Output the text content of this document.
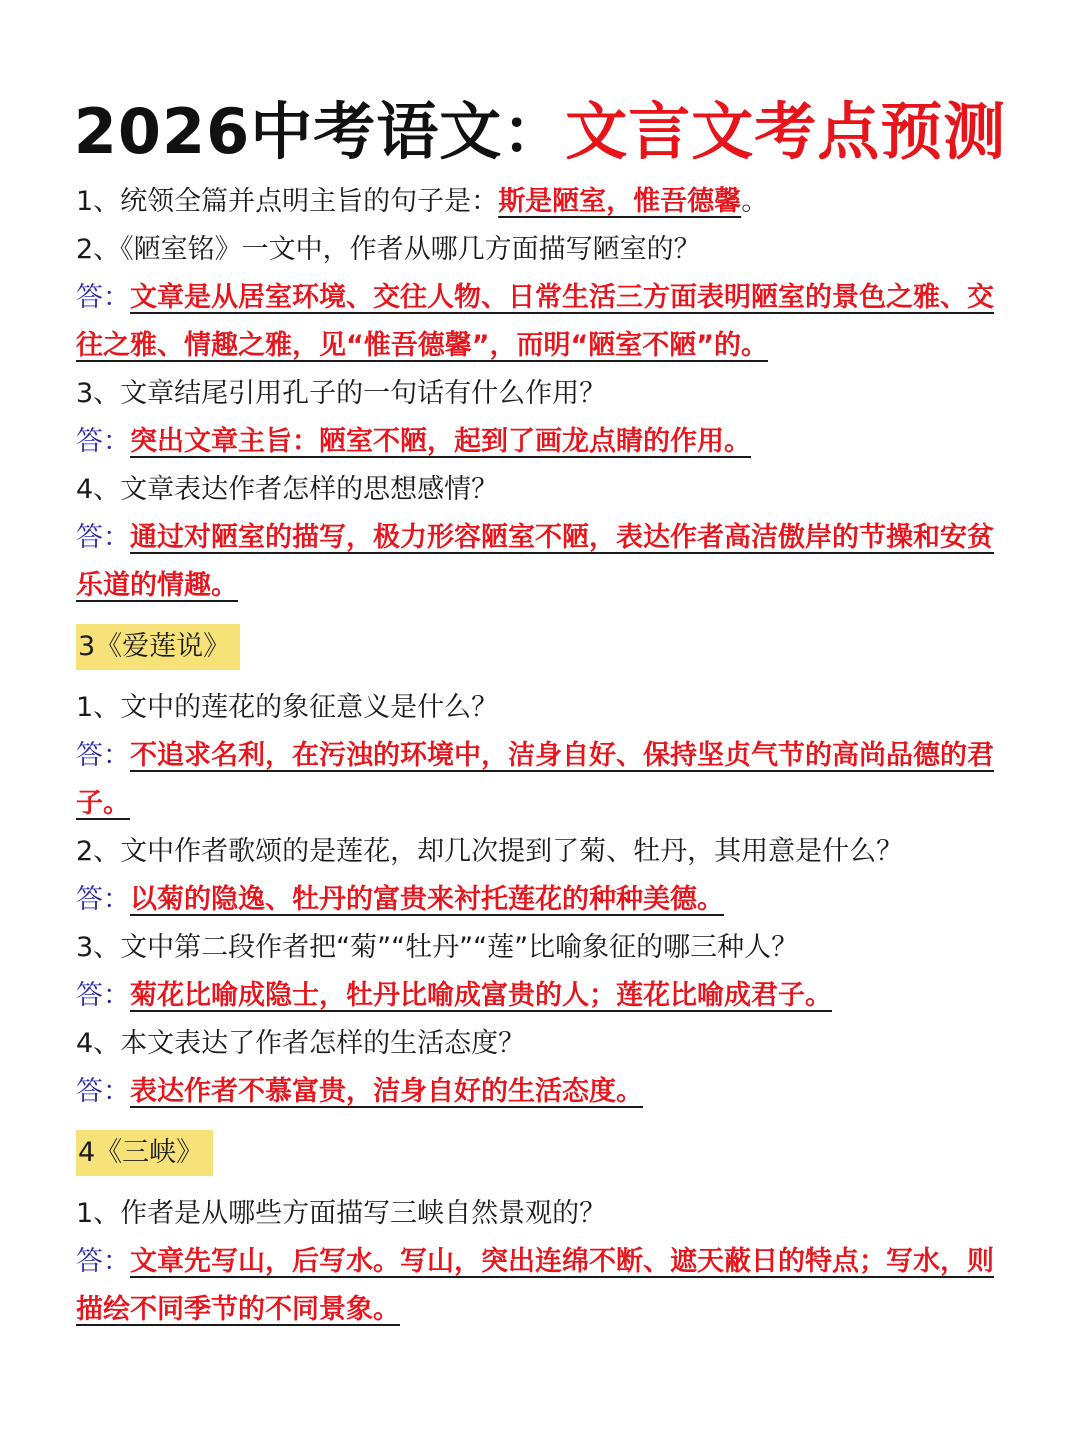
2026中考语文：文言文考点预测
1、统领全篇并点明主旨的句子是：斯是陋室，惟吾德馨。
2、《陋室铭》一文中，作者从哪几方面描写陋室的？
答：文章是从居室环境、交往人物、日常生活三方面表明陋室的景色之雅、交往之雅、情趣之雅，见“惟吾德馨”，而明“陋室不陋”的。
3、文章结尾引用孔子的一句话有什么作用？
答：突出文章主旨：陋室不陋，起到了画龙点睛的作用。
4、文章表达作者怎样的思想感情？
答：通过对陋室的描写，极力形容陋室不陋，表达作者高洁傲岸的节操和安贫乐道的情趣。
3《爱莲说》
1、文中的莲花的象征意义是什么？
答：不追求名利，在污浊的环境中，洁身自好、保持坚贞气节的高尚品德的君子。
2、文中作者歌颂的是莲花，却几次提到了菊、牡丹，其用意是什么？
答：以菊的隐逸、牡丹的富贵来衬托莲花的种种美德。
3、文中第二段作者把“菊”“牡丹”“莲”比喻象征的哪三种人？
答：菊花比喻成隐士，牡丹比喻成富贵的人；莲花比喻成君子。
4、本文表达了作者怎样的生活态度？
答：表达作者不慕富贵，洁身自好的生活态度。
4《三峡》
1、作者是从哪些方面描写三峡自然景观的？
答：文章先写山，后写水。写山，突出连绵不断、遮天蔽日的特点；写水，则描绘不同季节的不同景象。
